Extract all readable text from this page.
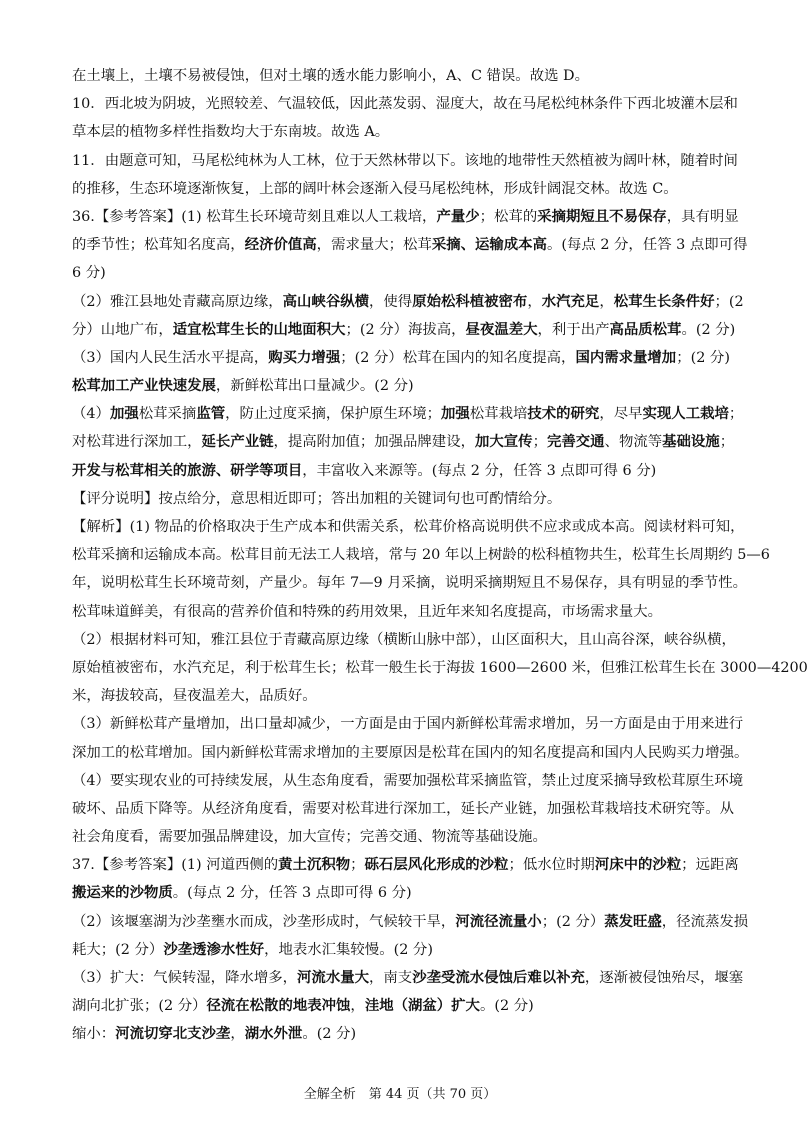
在土壤上，土壤不易被侵蚀，但对土壤的透水能力影响小，A、C 错误。故选 D。
10．西北坡为阴坡，光照较差、气温较低，因此蒸发弱、湿度大，故在马尾松纯林条件下西北坡灌木层和
草本层的植物多样性指数均大于东南坡。故选 A。
11．由题意可知，马尾松纯林为人工林，位于天然林带以下。该地的地带性天然植被为阔叶林，随着时间
的推移，生态环境逐渐恢复，上部的阔叶林会逐渐入侵马尾松纯林，形成针阔混交林。故选 C。
36.【参考答案】(1) 松茸生长环境苛刻且难以人工栽培，产量少；松茸的采摘期短且不易保存，具有明显
的季节性；松茸知名度高，经济价值高，需求量大；松茸采摘、运输成本高。(每点 2 分，任答 3 点即可得
6 分)
（2）雅江县地处青藏高原边缘，高山峡谷纵横，使得原始松科植被密布，水汽充足，松茸生长条件好；(2
分）山地广布，适宜松茸生长的山地面积大；(2 分）海拔高，昼夜温差大，利于出产高品质松茸。(2 分)
（3）国内人民生活水平提高，购买力增强；(2 分）松茸在国内的知名度提高，国内需求量增加；(2 分)
松茸加工产业快速发展，新鲜松茸出口量减少。(2 分)
（4）加强松茸采摘监管，防止过度采摘，保护原生环境；加强松茸栽培技术的研究，尽早实现人工栽培；
对松茸进行深加工，延长产业链，提高附加值；加强品牌建设，加大宣传；完善交通、物流等基础设施；
开发与松茸相关的旅游、研学等项目，丰富收入来源等。(每点 2 分，任答 3 点即可得 6 分)
【评分说明】按点给分，意思相近即可；答出加粗的关键词句也可酌情给分。
【解析】(1) 物品的价格取决于生产成本和供需关系，松茸价格高说明供不应求或成本高。阅读材料可知，
松茸采摘和运输成本高。松茸目前无法工人栽培，常与 20 年以上树龄的松科植物共生，松茸生长周期约 5—6
年，说明松茸生长环境苛刻，产量少。每年 7—9 月采摘，说明采摘期短且不易保存，具有明显的季节性。
松茸味道鲜美，有很高的营养价值和特殊的药用效果，且近年来知名度提高，市场需求量大。
（2）根据材料可知，雅江县位于青藏高原边缘（横断山脉中部），山区面积大，且山高谷深，峡谷纵横，
原始植被密布，水汽充足，利于松茸生长；松茸一般生长于海拔 1600—2600 米，但雅江松茸生长在 3000—4200
米，海拔较高，昼夜温差大，品质好。
（3）新鲜松茸产量增加，出口量却减少，一方面是由于国内新鲜松茸需求增加，另一方面是由于用来进行
深加工的松茸增加。国内新鲜松茸需求增加的主要原因是松茸在国内的知名度提高和国内人民购买力增强。
（4）要实现农业的可持续发展，从生态角度看，需要加强松茸采摘监管，禁止过度采摘导致松茸原生环境
破坏、品质下降等。从经济角度看，需要对松茸进行深加工，延长产业链，加强松茸栽培技术研究等。从
社会角度看，需要加强品牌建设，加大宣传；完善交通、物流等基础设施。
37.【参考答案】(1) 河道西侧的黄土沉积物；砾石层风化形成的沙粒；低水位时期河床中的沙粒；远距离
搬运来的沙物质。(每点 2 分，任答 3 点即可得 6 分)
（2）该堰塞湖为沙垄壅水而成，沙垄形成时，气候较干旱，河流径流量小；(2 分）蒸发旺盛，径流蒸发损
耗大；(2 分）沙垄透渗水性好，地表水汇集较慢。(2 分)
（3）扩大：气候转湿，降水增多，河流水量大，南支沙垄受流水侵蚀后难以补充，逐渐被侵蚀殆尽，堰塞
湖向北扩张；(2 分）径流在松散的地表冲蚀，洼地（湖盆）扩大。(2 分)
缩小：河流切穿北支沙垄，湖水外泄。(2 分)
全解全析　第 44 页（共 70 页）
